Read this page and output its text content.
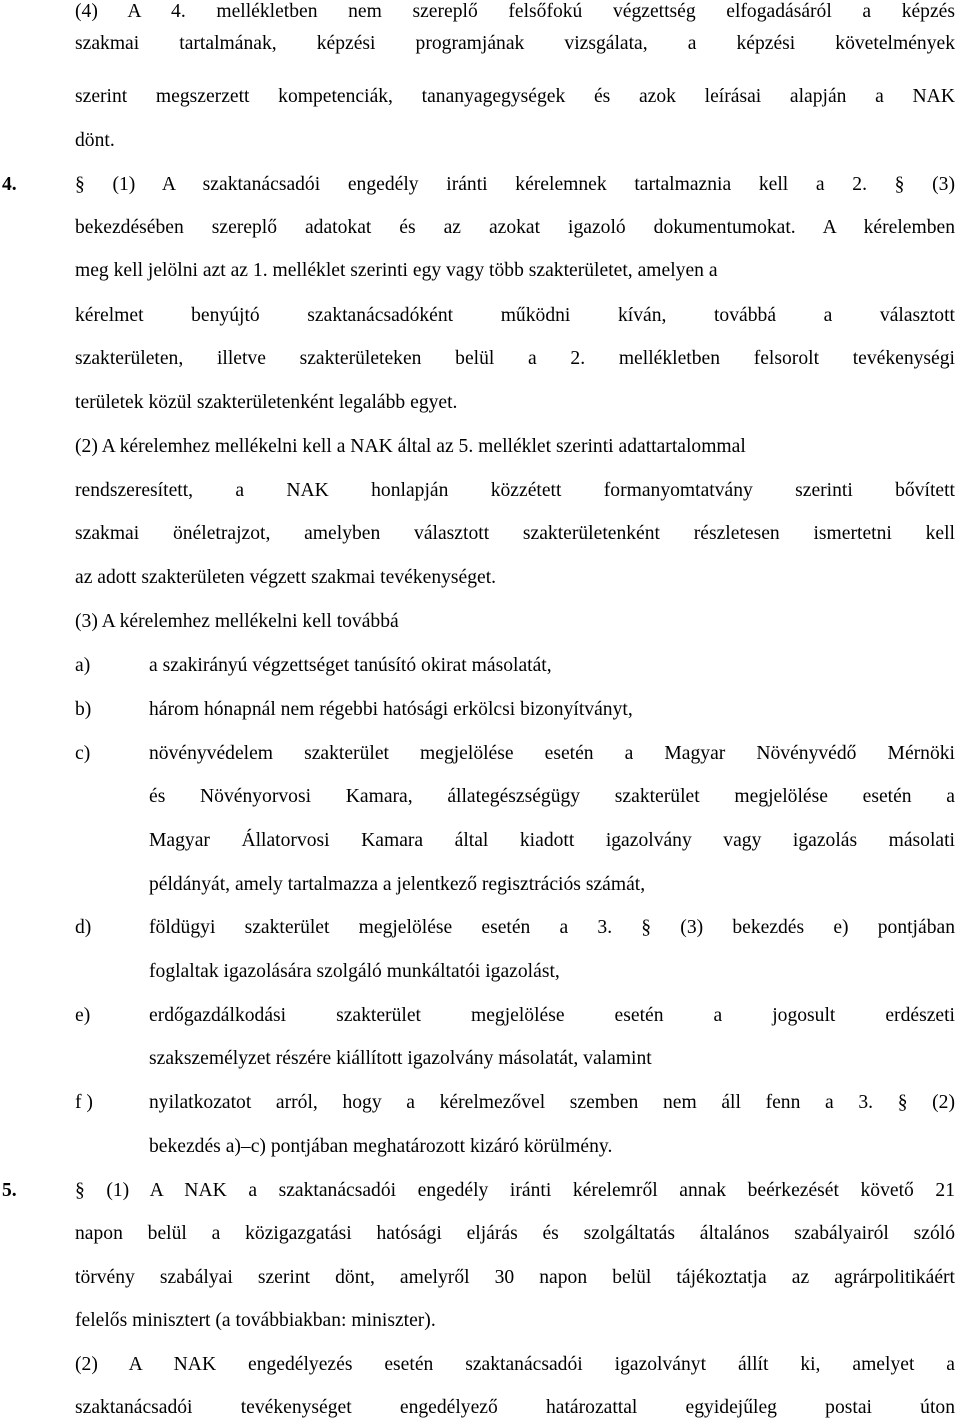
(4) A 4. mellékletben nem szereplő felsőfokú végzettség elfogadásáról a képzés
szakmai tartalmának, képzési programjának vizsgálata, a képzési követelmények
szerint megszerzett kompetenciák, tananyagegységek és azok leírásai alapján a NAK
dönt.
4.	§ (1) A szaktanácsadói engedély iránti kérelemnek tartalmaznia kell a 2. § (3)
bekezdésében szereplő adatokat és az azokat igazoló dokumentumokat. A kérelemben
meg kell jelölni azt az 1. melléklet szerinti egy vagy több szakterületet, amelyen a
kérelmet benyújtó szaktanácsadóként működni kíván, továbbá a választott
szakterületen, illetve szakterületeken belül a 2. mellékletben felsorolt tevékenységi
területek közül szakterületenként legalább egyet.
(2) A kérelemhez mellékelni kell a NAK által az 5. melléklet szerinti adattartalommal
rendszeresített, a NAK honlapján közzétett formanyomtatvány szerinti bővített
szakmai önéletrajzot, amelyben választott szakterületenként részletesen ismertetni kell
az adott szakterületen végzett szakmai tevékenységet.
(3) A kérelemhez mellékelni kell továbbá
a)	a szakirányú végzettséget tanúsító okirat másolatát,
b)	három hónapnál nem régebbi hatósági erkölcsi bizonyítványt,
c)	növényvédelem szakterület megjelölése esetén a Magyar Növényvédő Mérnöki
és Növényorvosi Kamara, állategészségügy szakterület megjelölése esetén a
Magyar Állatorvosi Kamara által kiadott igazolvány vagy igazolás másolati
példányát, amely tartalmazza a jelentkező regisztrációs számát,
d)	földügyi szakterület megjelölése esetén a 3. § (3) bekezdés e) pontjában
foglaltak igazolására szolgáló munkáltatói igazolást,
e)	erdőgazdálkodási szakterület megjelölése esetén a jogosult erdészeti
szakszemélyzet részére kiállított igazolvány másolatát, valamint
f )	nyilatkozatot arról, hogy a kérelmezővel szemben nem áll fenn a 3. § (2)
bekezdés a)–c) pontjában meghatározott kizáró körülmény.
5.	§ (1) A NAK a szaktanácsadói engedély iránti kérelemről annak beérkezését követő 21
napon belül a közigazgatási hatósági eljárás és szolgáltatás általános szabályairól szóló
törvény szabályai szerint dönt, amelyről 30 napon belül tájékoztatja az agrárpolitikáért
felelős minisztert (a továbbiakban: miniszter).
(2) A NAK engedélyezés esetén szaktanácsadói igazolványt állít ki, amelyet a
szaktanácsadói tevékenységet engedélyező határozattal egyidejűleg postai úton
